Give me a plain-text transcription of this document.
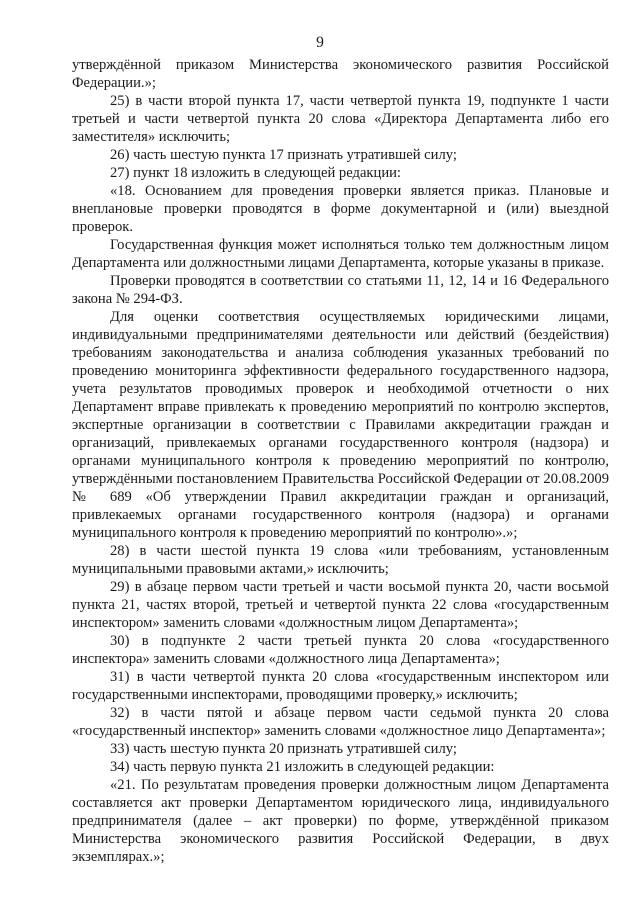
9

утверждённой приказом Министерства экономического развития Российской Федерации.»;

25) в части второй пункта 17, части четвертой пункта 19, подпункте 1 части третьей и части четвертой пункта 20 слова «Директора Департамента либо его заместителя» исключить;

26) часть шестую пункта 17 признать утратившей силу;

27) пункт 18 изложить в следующей редакции:

«18. Основанием для проведения проверки является приказ. Плановые и внеплановые проверки проводятся в форме документарной и (или) выездной проверок.

Государственная функция может исполняться только тем должностным лицом Департамента или должностными лицами Департамента, которые указаны в приказе.

Проверки проводятся в соответствии со статьями 11, 12, 14 и 16 Федерального закона № 294-ФЗ.

Для оценки соответствия осуществляемых юридическими лицами, индивидуальными предпринимателями деятельности или действий (бездействия) требованиям законодательства и анализа соблюдения указанных требований по проведению мониторинга эффективности федерального государственного надзора, учета результатов проводимых проверок и необходимой отчетности о них Департамент вправе привлекать к проведению мероприятий по контролю экспертов, экспертные организации в соответствии с Правилами аккредитации граждан и организаций, привлекаемых органами государственного контроля (надзора) и органами муниципального контроля к проведению мероприятий по контролю, утверждёнными постановлением Правительства Российской Федерации от 20.08.2009 № 689 «Об утверждении Правил аккредитации граждан и организаций, привлекаемых органами государственного контроля (надзора) и органами муниципального контроля к проведению мероприятий по контролю».»;

28) в части шестой пункта 19 слова «или требованиям, установленным муниципальными правовыми актами,» исключить;

29) в абзаце первом части третьей и части восьмой пункта 20, части восьмой пункта 21, частях второй, третьей и четвертой пункта 22 слова «государственным инспектором» заменить словами «должностным лицом Департамента»;

30) в подпункте 2 части третьей пункта 20 слова «государственного инспектора» заменить словами «должностного лица Департамента»;

31) в части четвертой пункта 20 слова «государственным инспектором или государственными инспекторами, проводящими проверку,» исключить;

32) в части пятой и абзаце первом части седьмой пункта 20 слова «государственный инспектор» заменить словами «должностное лицо Департамента»;

33) часть шестую пункта 20 признать утратившей силу;

34) часть первую пункта 21 изложить в следующей редакции:

«21. По результатам проведения проверки должностным лицом Департамента составляется акт проверки Департаментом юридического лица, индивидуального предпринимателя (далее – акт проверки) по форме, утверждённой приказом Министерства экономического развития Российской Федерации, в двух экземплярах.»;
